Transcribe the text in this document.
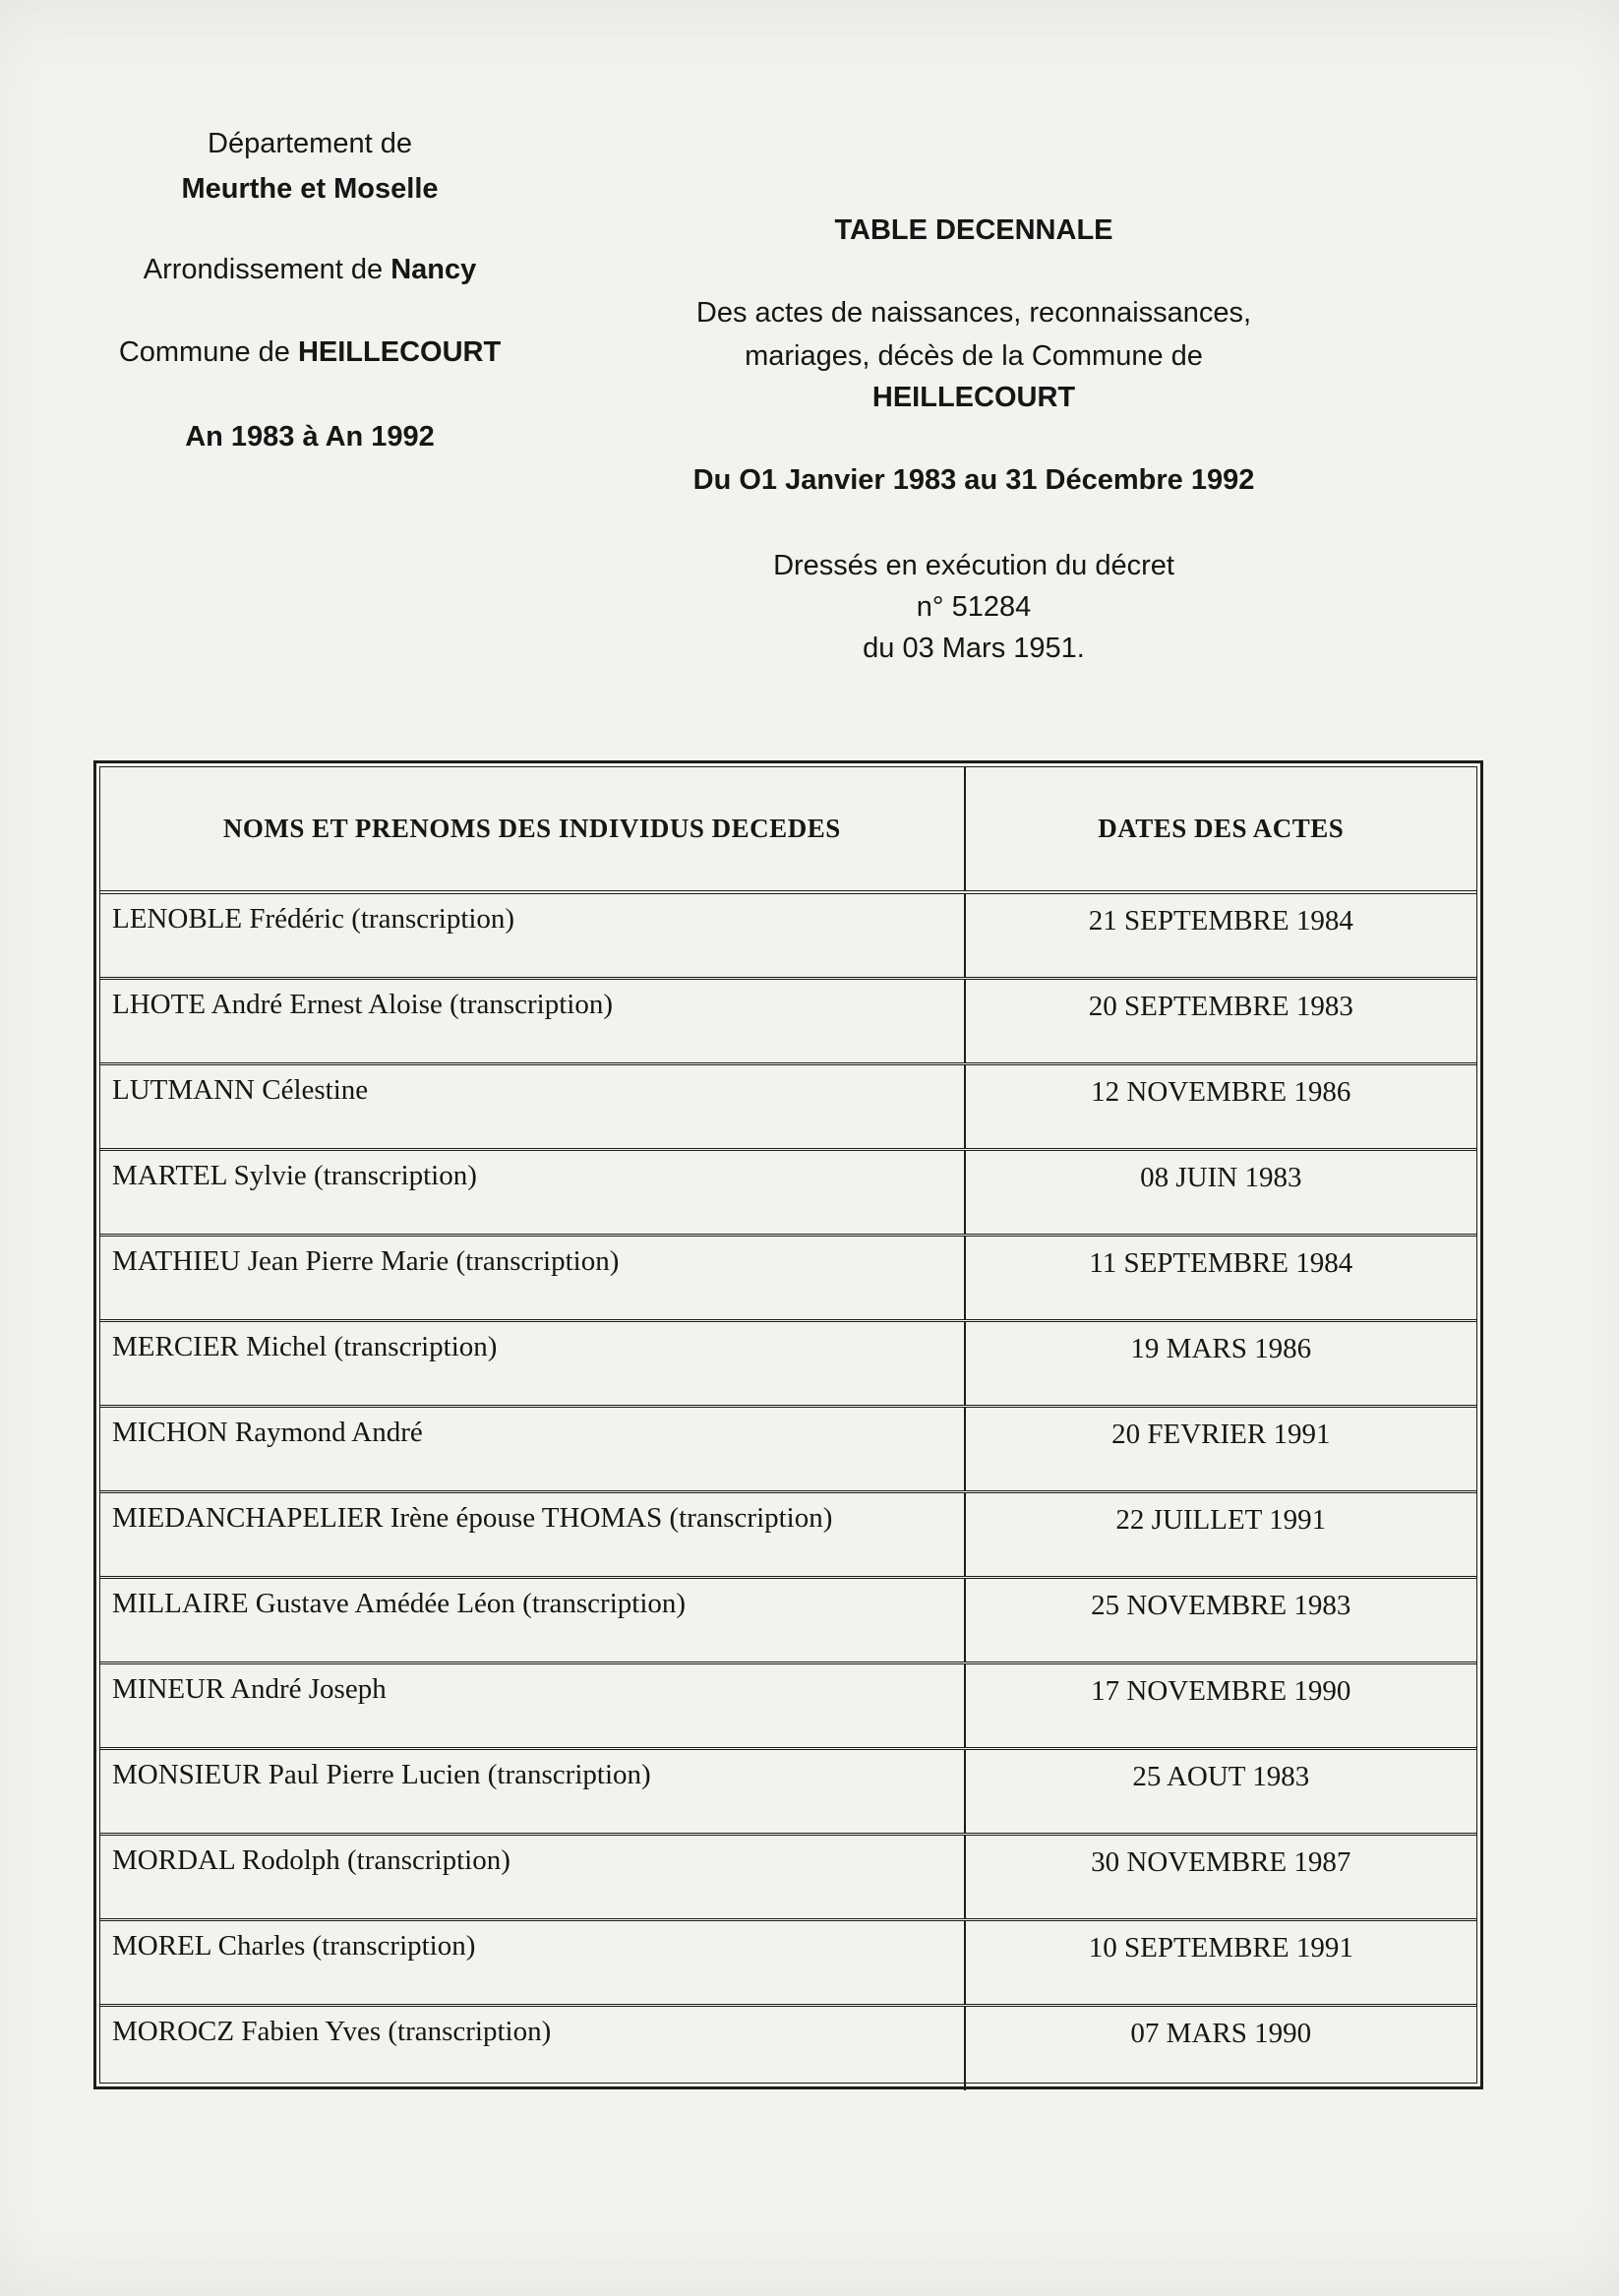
Département de
Meurthe et Moselle
Arrondissement de Nancy
Commune de HEILLECOURT
An 1983 à An 1992
TABLE DECENNALE
Des actes de naissances, reconnaissances,
mariages, décès de la Commune de
HEILLECOURT
Du O1 Janvier 1983 au 31 Décembre 1992
Dressés en exécution du décret
n° 51284
du 03 Mars 1951.
NOMS ET PRENOMS DES INDIVIDUS DECEDES	DATES DES ACTES
LENOBLE Frédéric (transcription)	21 SEPTEMBRE 1984
LHOTE André Ernest Aloise (transcription)	20 SEPTEMBRE 1983
LUTMANN Célestine	12 NOVEMBRE 1986
MARTEL Sylvie (transcription)	08 JUIN 1983
MATHIEU Jean Pierre Marie (transcription)	11 SEPTEMBRE 1984
MERCIER Michel (transcription)	19 MARS 1986
MICHON Raymond André	20 FEVRIER 1991
MIEDANCHAPELIER Irène épouse THOMAS (transcription)	22 JUILLET 1991
MILLAIRE Gustave Amédée Léon (transcription)	25 NOVEMBRE 1983
MINEUR André Joseph	17 NOVEMBRE 1990
MONSIEUR Paul Pierre Lucien (transcription)	25 AOUT 1983
MORDAL Rodolph (transcription)	30 NOVEMBRE 1987
MOREL Charles (transcription)	10 SEPTEMBRE 1991
MOROCZ Fabien Yves (transcription)	07 MARS 1990
